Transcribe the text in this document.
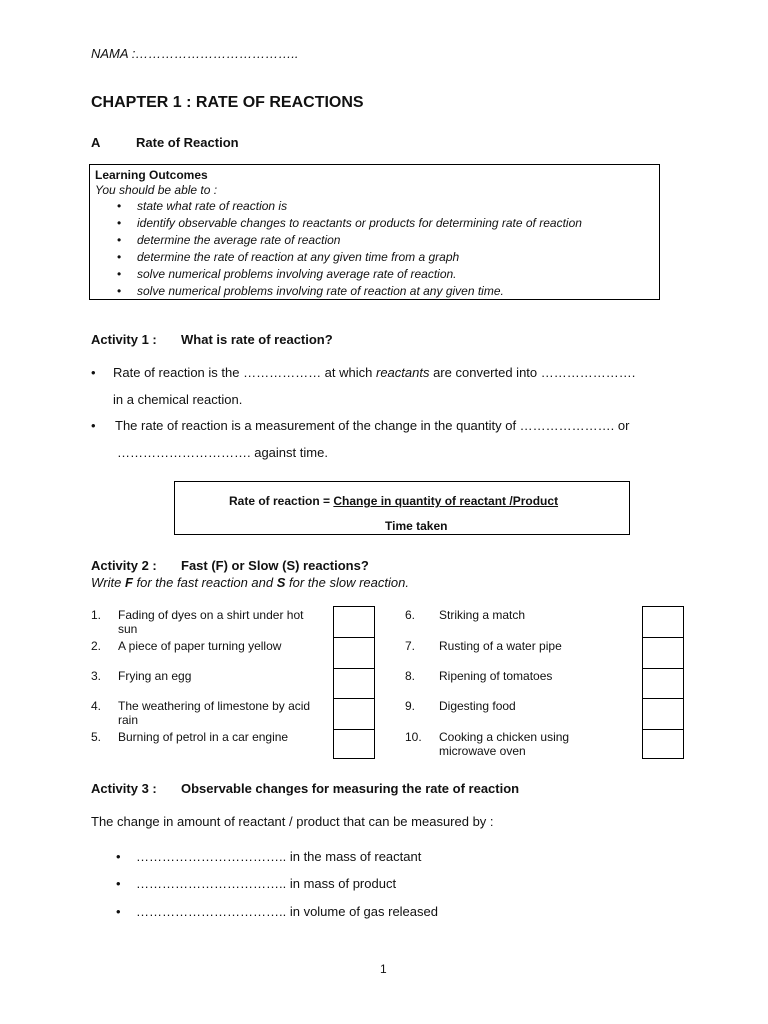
NAMA :………………………………..
CHAPTER 1 : RATE OF REACTIONS
A	Rate of Reaction
Learning Outcomes
You should be able to :
• state what rate of reaction is
• identify observable changes to reactants or products for determining rate of reaction
• determine the average rate of reaction
• determine the rate of reaction at any given time from a graph
• solve numerical problems involving average rate of reaction.
• solve numerical problems involving rate of reaction at any given time.
Activity 1 : What is rate of reaction?
• Rate of reaction is the ……………… at which reactants are converted into ………………….
in a chemical reaction.
• The rate of reaction is a measurement of the change in the quantity of …………………. or
…………………………. against time.
Rate of reaction = Change in quantity of reactant /Product
Time taken
Activity 2 : Fast (F) or Slow (S) reactions?
Write F for the fast reaction and S for the slow reaction.
1. Fading of dyes on a shirt under hot sun
2. A piece of paper turning yellow
3. Frying an egg
4. The weathering of limestone by acid rain
5. Burning of petrol in a car engine
6. Striking a match
7. Rusting of a water pipe
8. Ripening of tomatoes
9. Digesting food
10. Cooking a chicken using microwave oven
Activity 3 : Observable changes for measuring the rate of reaction
The change in amount of reactant / product that can be measured by :
• …………………………….. in the mass of reactant
• …………………………….. in mass of product
• …………………………….. in volume of gas released
1
